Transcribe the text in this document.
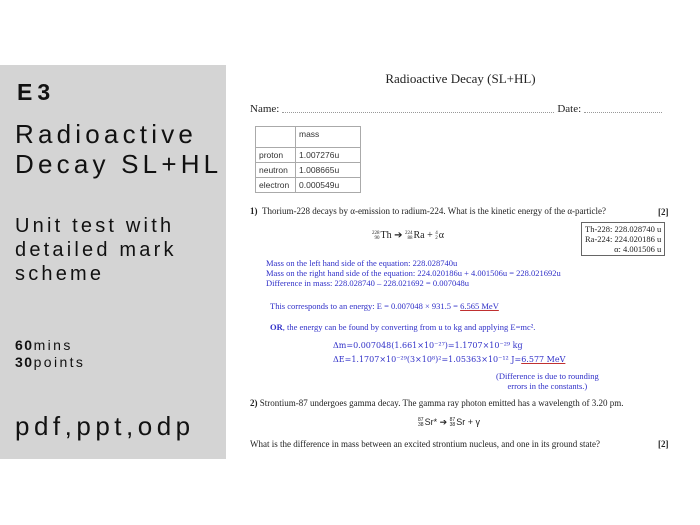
E3
Radioactive
Decay SL+HL
Unit test with
detailed mark
scheme
60mins
30points
pdf,ppt,odp
Radioactive Decay (SL+HL)
Name:	Date:
	mass
proton	1.007276u
neutron	1.008665u
electron	0.000549u
1) Thorium-228 decays by α-emission to radium-224. What is the kinetic energy of the α-particle?	[2]
228
90 Th ➔ 224
88 Ra + 4
2 α
Th-228: 228.028740 u
Ra-224: 224.020186 u
α: 4.001506 u
Mass on the left hand side of the equation: 228.028740u
Mass on the right hand side of the equation: 224.020186u + 4.001506u = 228.021692u
Difference in mass: 228.028740 – 228.021692 = 0.007048u
This corresponds to an energy: E = 0.007048 × 931.5 = 6.565 MeV
OR, the energy can be found by converting from u to kg and applying E=mc².
Δm=0.007048(1.661×10⁻²⁷)=1.1707×10⁻²⁹ kg
ΔE=1.1707×10⁻²⁹(3×10⁸)²=1.05363×10⁻¹² J=6.577 MeV
(Difference is due to rounding
errors in the constants.)
2) Strontium-87 undergoes gamma decay. The gamma ray photon emitted has a wavelength of 3.20 pm.
87
38 Sr* ➔ 87
38 Sr + γ
What is the difference in mass between an excited strontium nucleus, and one in its ground state?	[2]
